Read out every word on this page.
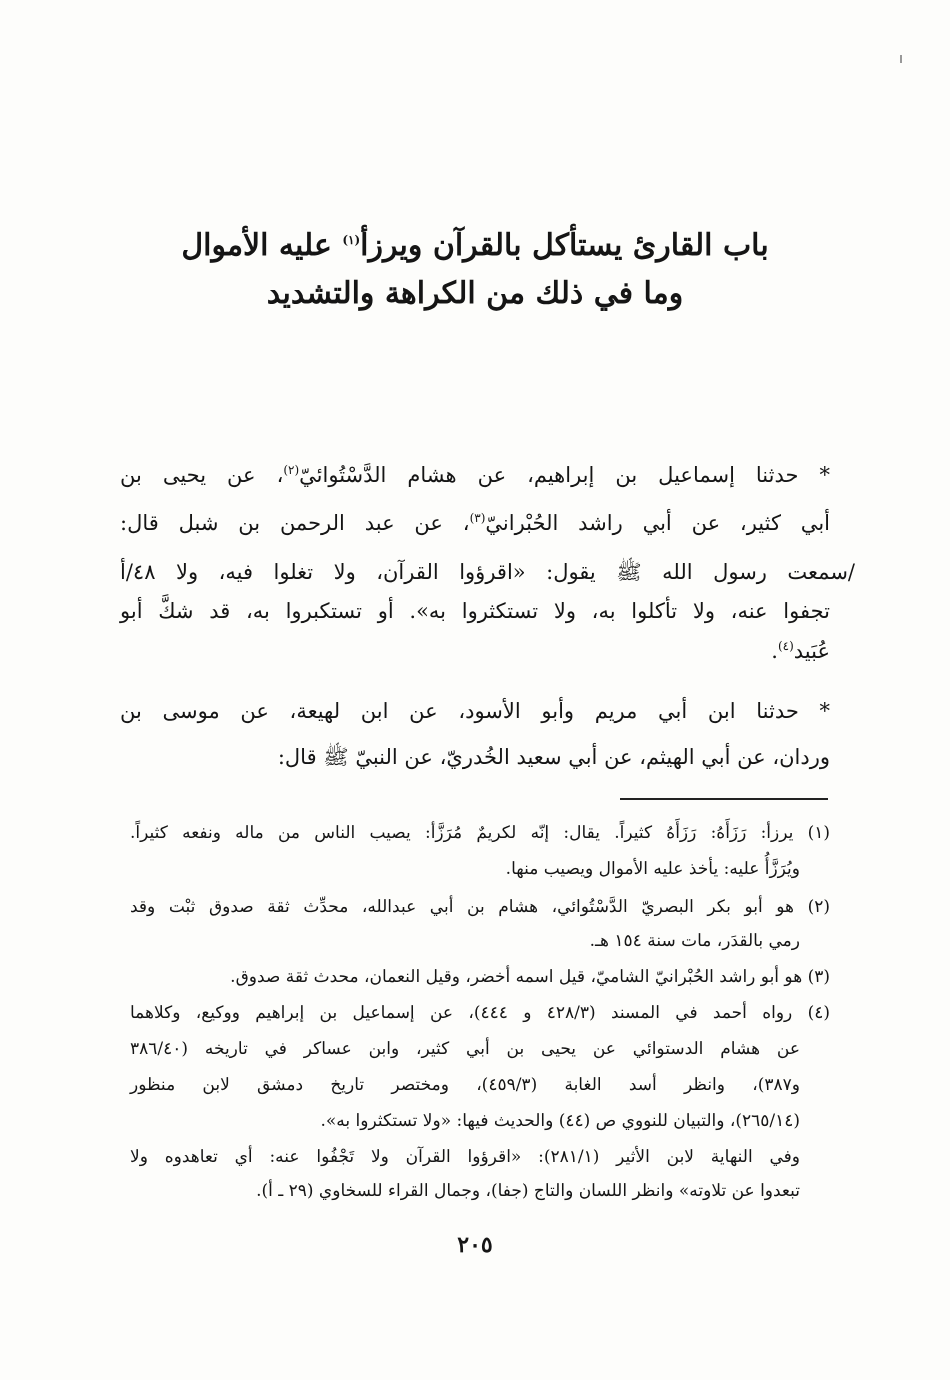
باب القارئ يستأكل بالقرآن ويرزأ$^{(١)}$ عليه الأموال
وما في ذلك من الكراهة والتشديد
* حدثنا إسماعيل بن إبراهيم، عن هشام الدَّسْتُوائيّ$^{(٢)}$، عن يحيى بن
أبي كثير، عن أبي راشد الحُبْرانيّ$^{(٣)}$، عن عبد الرحمن بن شبل قال:
/سمعت رسول الله ﷺ يقول: «اقرؤوا القرآن، ولا تغلوا فيه، ولا ٤٨/أ
تجفوا عنه، ولا تأكلوا به، ولا تستكثروا به». أو تستكبروا به، قد شكَّ أبو
عُبَيد$^{(٤)}$.
* حدثنا ابن أبي مريم وأبو الأسود، عن ابن لهيعة، عن موسى بن
وردان، عن أبي الهيثم، عن أبي سعيد الخُدريّ، عن النبيّ ﷺ قال:
(١) يرزأ: رَزَأَهُ: رَزَأَهُ كثيراً. يقال: إنّه لكريمٌ مُرَزَّأ: يصيب الناس من ماله ونفعه كثيراً.
ويُرَزَّأُ عليه: يأخذ عليه الأموال ويصيب منها.
(٢) هو أبو بكر البصريّ الدَّسْتُوائي، هشام بن أبي عبدالله، محدِّث ثقة صدوق ثبْت وقد
رمي بالقدَر، مات سنة ١٥٤ هـ.
(٣) هو أبو راشد الحُبْرانيّ الشاميّ، قيل اسمه أخضر، وقيل النعمان، محدث ثقة صدوق.
(٤) رواه أحمد في المسند (٤٢٨/٣ و ٤٤٤)، عن إسماعيل بن إبراهيم ووكيع، وكلاهما
عن هشام الدستوائي عن يحيى بن أبي كثير، وابن عساكر في تاريخه (٣٨٦/٤٠
و٣٨٧)، وانظر أسد الغابة (٤٥٩/٣)، ومختصر تاريخ دمشق لابن منظور
(٢٦٥/١٤)، والتبيان للنووي ص (٤٤) والحديث فيها: «ولا تستكثروا به».
وفي النهاية لابن الأثير (٢٨١/١): «اقرؤوا القرآن ولا تَجْفُوا عنه: أي تعاهدوه ولا
تبعدوا عن تلاوته» وانظر اللسان والتاج (جفا)، وجمال القراء للسخاوي (٢٩ ـ أ).
٢٠٥
